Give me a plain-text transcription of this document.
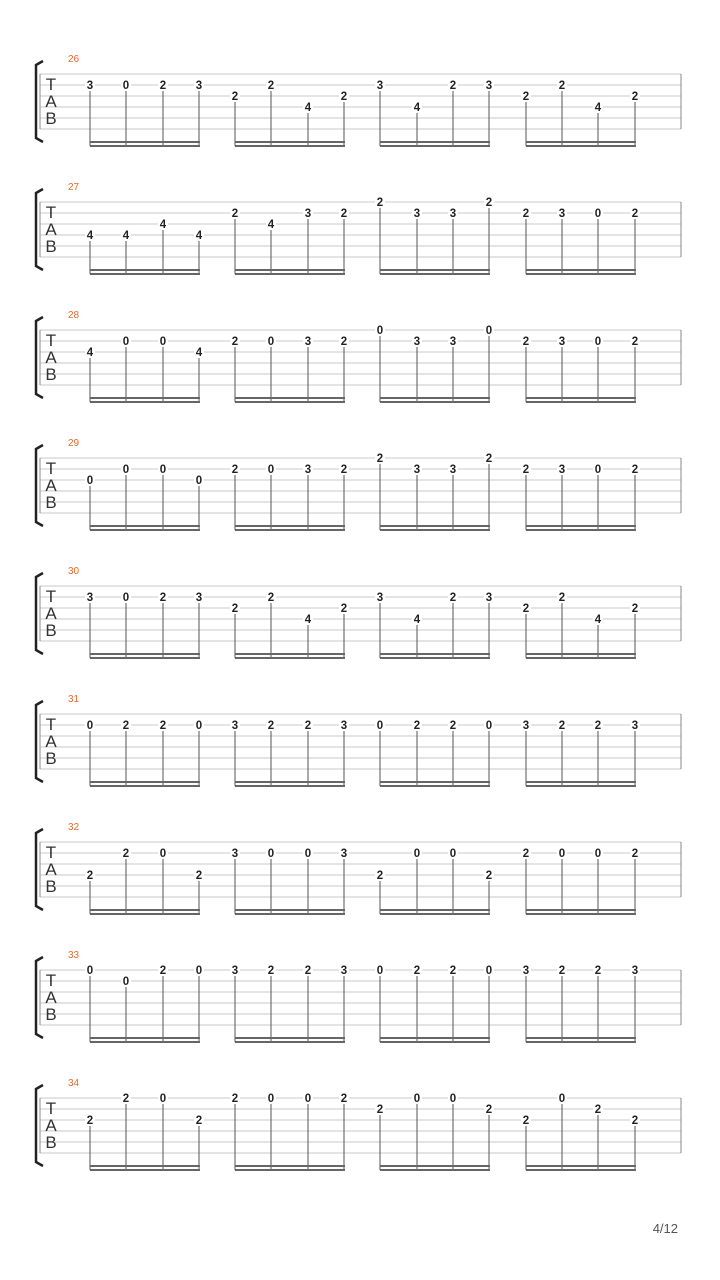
26
T
A
B
3	0	2	3
2
2
4
2
3
4
2	3
2
2
4
2
27
T
A
B
4	4
4
4
2
4
3	2
2
3	3
2
2	3	0	2
28
T
A
B
4
0	0
4
2	0	3	2
0
3	3
0
2	3	0	2
29
T
A
B
0
0	0
0
2	0	3	2
2
3	3
2
2	3	0	2
30
T
A
B
3	0	2	3
2
2
4
2
3
4
2	3
2
2
4
2
31
T
A
B
0	2	2	0	3	2	2	3	0	2	2	0	3	2	2	3
32
T
A
B
2
2	0
2
3	0	0	3
2
0	0
2
2	0	0	2
33
T
A
B
0
0
2	0	3	2	2	3	0	2	2	0	3	2	2	3
34
T
A
B
2
2	0
2
2	0	0	2
2
0	0
2
2
0
2
2
4/12
